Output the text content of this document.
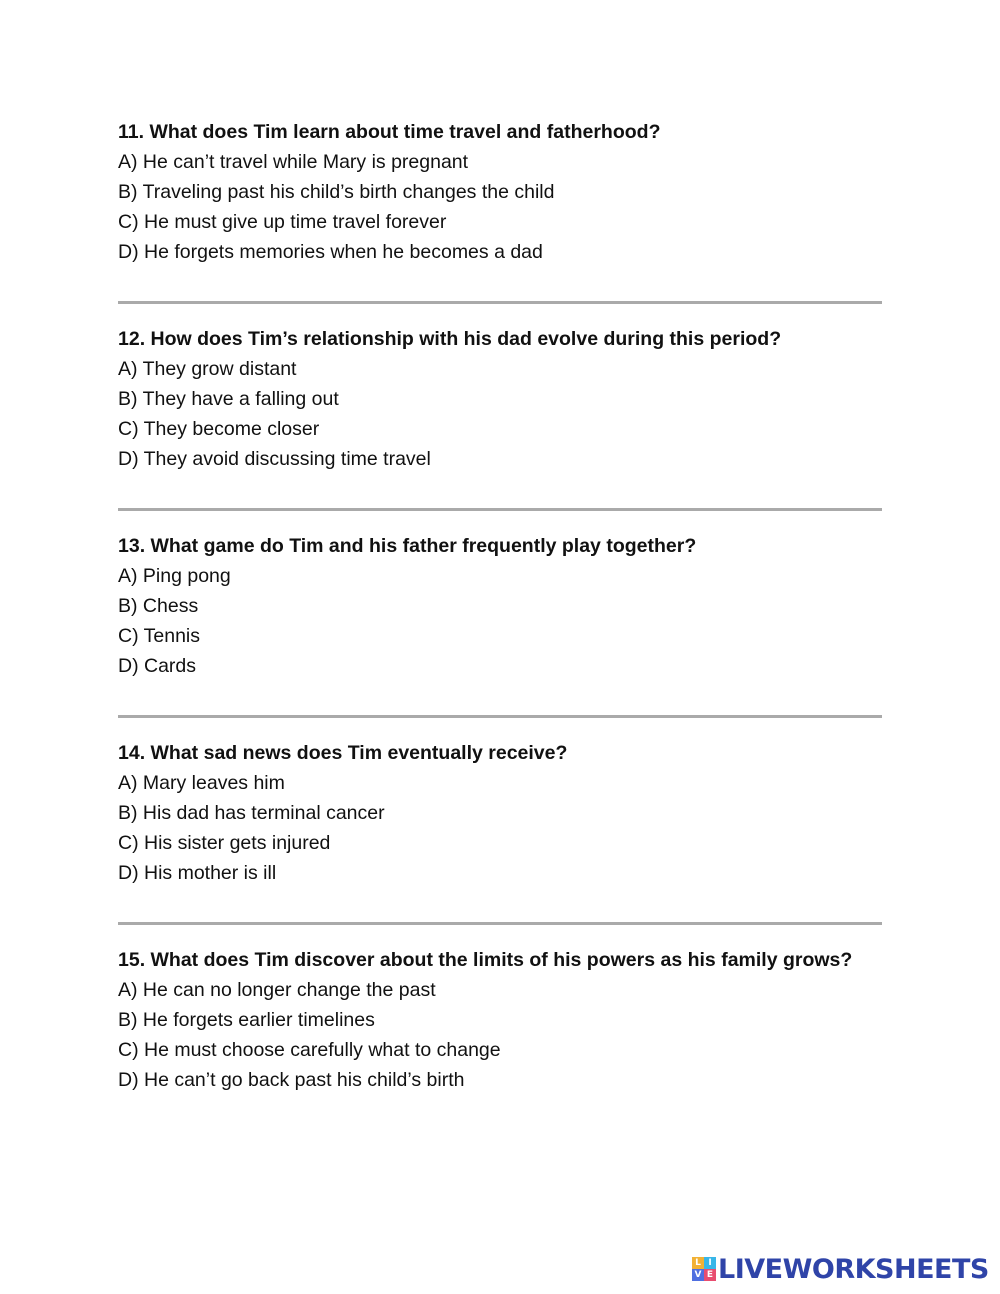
11. What does Tim learn about time travel and fatherhood?
A) He can’t travel while Mary is pregnant
B) Traveling past his child’s birth changes the child
C) He must give up time travel forever
D) He forgets memories when he becomes a dad
12. How does Tim’s relationship with his dad evolve during this period?
A) They grow distant
B) They have a falling out
C) They become closer
D) They avoid discussing time travel
13. What game do Tim and his father frequently play together?
A) Ping pong
B) Chess
C) Tennis
D) Cards
14. What sad news does Tim eventually receive?
A) Mary leaves him
B) His dad has terminal cancer
C) His sister gets injured
D) His mother is ill
15. What does Tim discover about the limits of his powers as his family grows?
A) He can no longer change the past
B) He forgets earlier timelines
C) He must choose carefully what to change
D) He can’t go back past his child’s birth
L I
V E LIVEWORKSHEETS
